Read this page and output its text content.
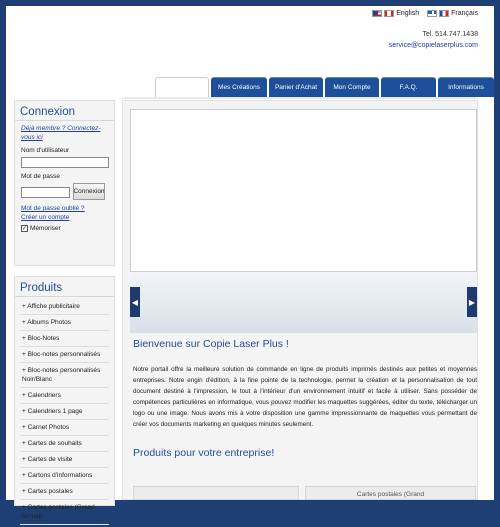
English	Français
Tel. 514.747.1438
service@copielaserplus.com
Mes Créations	Panier d'Achat	Mon Compte	F.A.Q.	Informations
Connexion
Déjà membre ? Connectez-vous ici
Nom d'utilisateur
Mot de passe
Connexion
Mot de passe oublié ?
Créer un compte
✓ Mémoriser
Produits
+ Affiche publicitaire
+ Albums Photos
+ Bloc-Notes
+ Bloc-notes personnalisés
+ Bloc-notes personnalisés Noir/Blanc
+ Calendriers
+ Calendriers 1 page
+ Carnet Photos
+ Cartes de souhaits
+ Cartes de visite
+ Cartons d'informations
+ Cartes postales
+ Cartes postales (Grand format)
◀	▶
Bienvenue sur Copie Laser Plus !
Notre portail offre la meilleure solution de commande en ligne de produits imprimés destinés aux petites et moyennes entreprises. Notre engin d'édition, à la fine pointe de la technologie, permet la création et la personnalisation de tout document destiné à l'impression, le tout à l'intérieur d'un environnement intuitif et facile à utiliser. Sans posséder de compétences particulières en informatique, vous pouvez modifier les maquettes suggérées, éditer du texte, télécharger un logo ou une image. Nous avons mis à votre disposition une gamme impressionnante de maquettes vous permettant de créer vos documents marketing en quelques minutes seulement.
Produits pour votre entreprise!
Cartes postales (Grand
